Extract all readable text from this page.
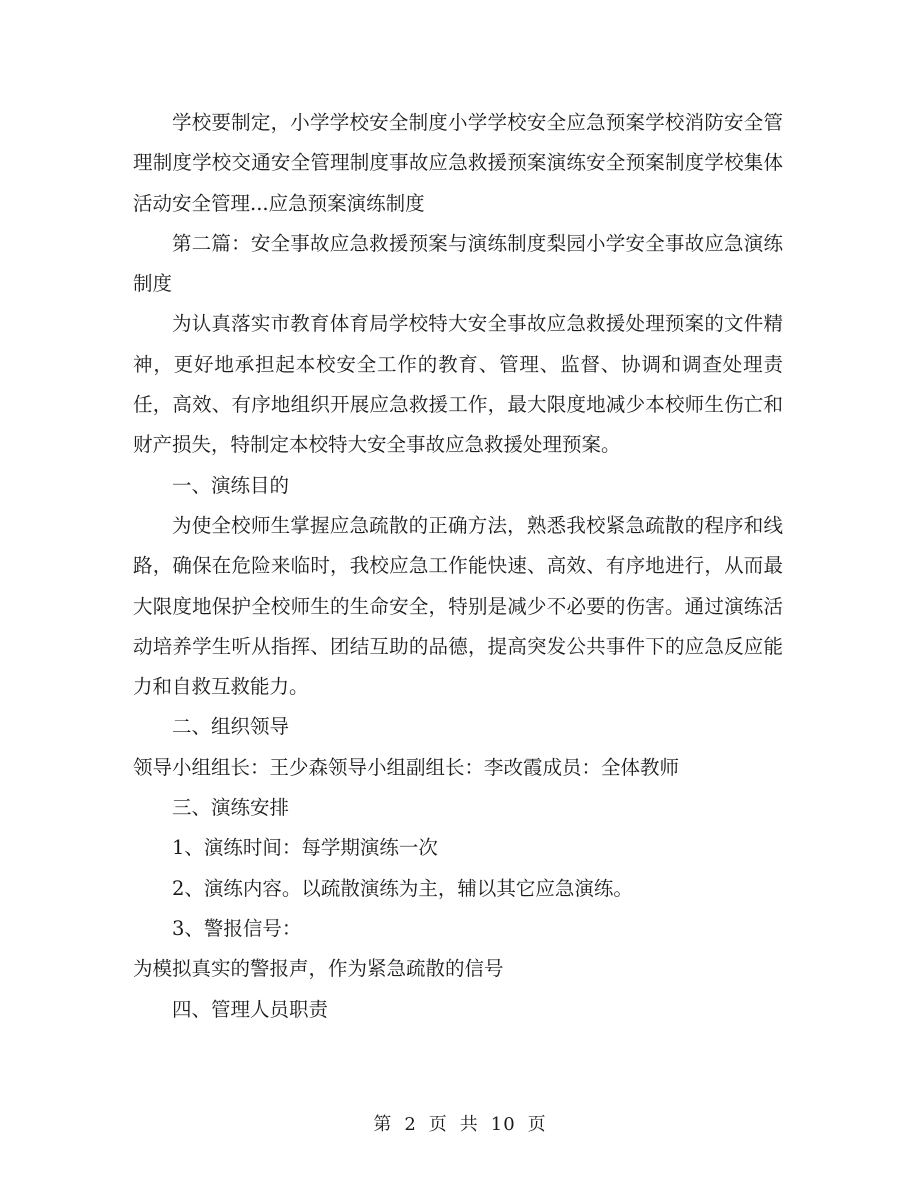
学校要制定，小学学校安全制度小学学校安全应急预案学校消防安全管理制度学校交通安全管理制度事故应急救援预案演练安全预案制度学校集体活动安全管理...应急预案演练制度

第二篇：安全事故应急救援预案与演练制度梨园小学安全事故应急演练制度

为认真落实市教育体育局学校特大安全事故应急救援处理预案的文件精神，更好地承担起本校安全工作的教育、管理、监督、协调和调查处理责任，高效、有序地组织开展应急救援工作，最大限度地减少本校师生伤亡和财产损失，特制定本校特大安全事故应急救援处理预案。

一、演练目的

为使全校师生掌握应急疏散的正确方法，熟悉我校紧急疏散的程序和线路，确保在危险来临时，我校应急工作能快速、高效、有序地进行，从而最大限度地保护全校师生的生命安全，特别是减少不必要的伤害。通过演练活动培养学生听从指挥、团结互助的品德，提高突发公共事件下的应急反应能力和自救互救能力。

二、组织领导

领导小组组长：王少森领导小组副组长：李改霞成员：全体教师

三、演练安排

1、演练时间：每学期演练一次

2、演练内容。以疏散演练为主，辅以其它应急演练。

3、警报信号：

为模拟真实的警报声，作为紧急疏散的信号

四、管理人员职责

第 2 页 共 10 页
